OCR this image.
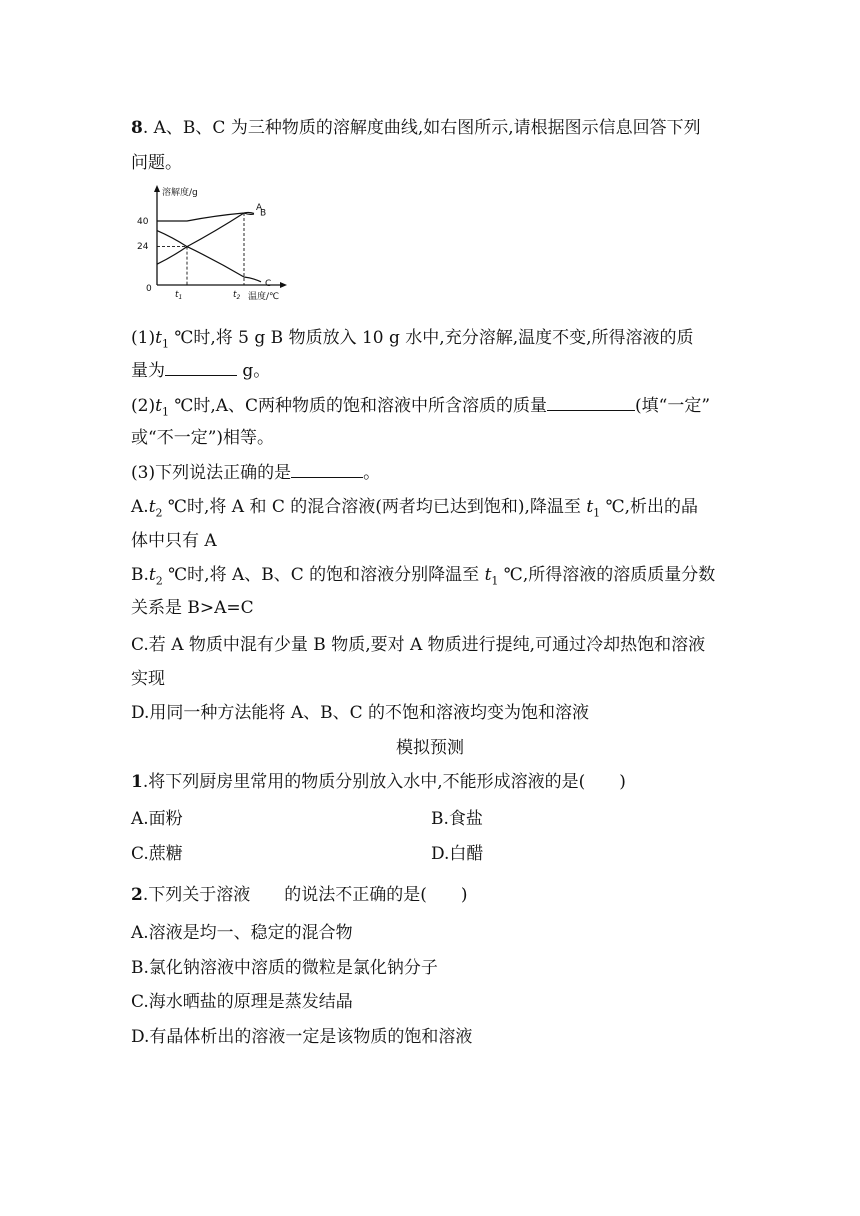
8. A、B、C 为三种物质的溶解度曲线,如右图所示,请根据图示信息回答下列
问题。
溶解度/g
温度/℃
0
40
24
$t_1$	$t_2$
A
B
C
$(1)t_1$ ℃时,将 5 g B 物质放入 10 g 水中,充分溶解,温度不变,所得溶液的质
量为	g。
$(2)t_1$ ℃时,A、C两种物质的饱和溶液中所含溶质的质量	(填“一定”
或“不一定”)相等。
(3)下列说法正确的是	。
$A.t_2$ ℃时,将 A 和 C 的混合溶液(两者均已达到饱和),降温至 $t_1$ ℃,析出的晶
体中只有 A
$B.t_2$ ℃时,将 A、B、C 的饱和溶液分别降温至 $t_1$ ℃,所得溶液的溶质质量分数
关系是 B>A=C
C.若 A 物质中混有少量 B 物质,要对 A 物质进行提纯,可通过冷却热饱和溶液
实现
D.用同一种方法能将 A、B、C 的不饱和溶液均变为饱和溶液
模拟预测
1.将下列厨房里常用的物质分别放入水中,不能形成溶液的是(　　)
A.面粉	B.食盐
C.蔗糖	D.白醋
2.下列关于溶液　　的说法不正确的是(　　)
A.溶液是均一、稳定的混合物
B.氯化钠溶液中溶质的微粒是氯化钠分子
C.海水晒盐的原理是蒸发结晶
D.有晶体析出的溶液一定是该物质的饱和溶液
